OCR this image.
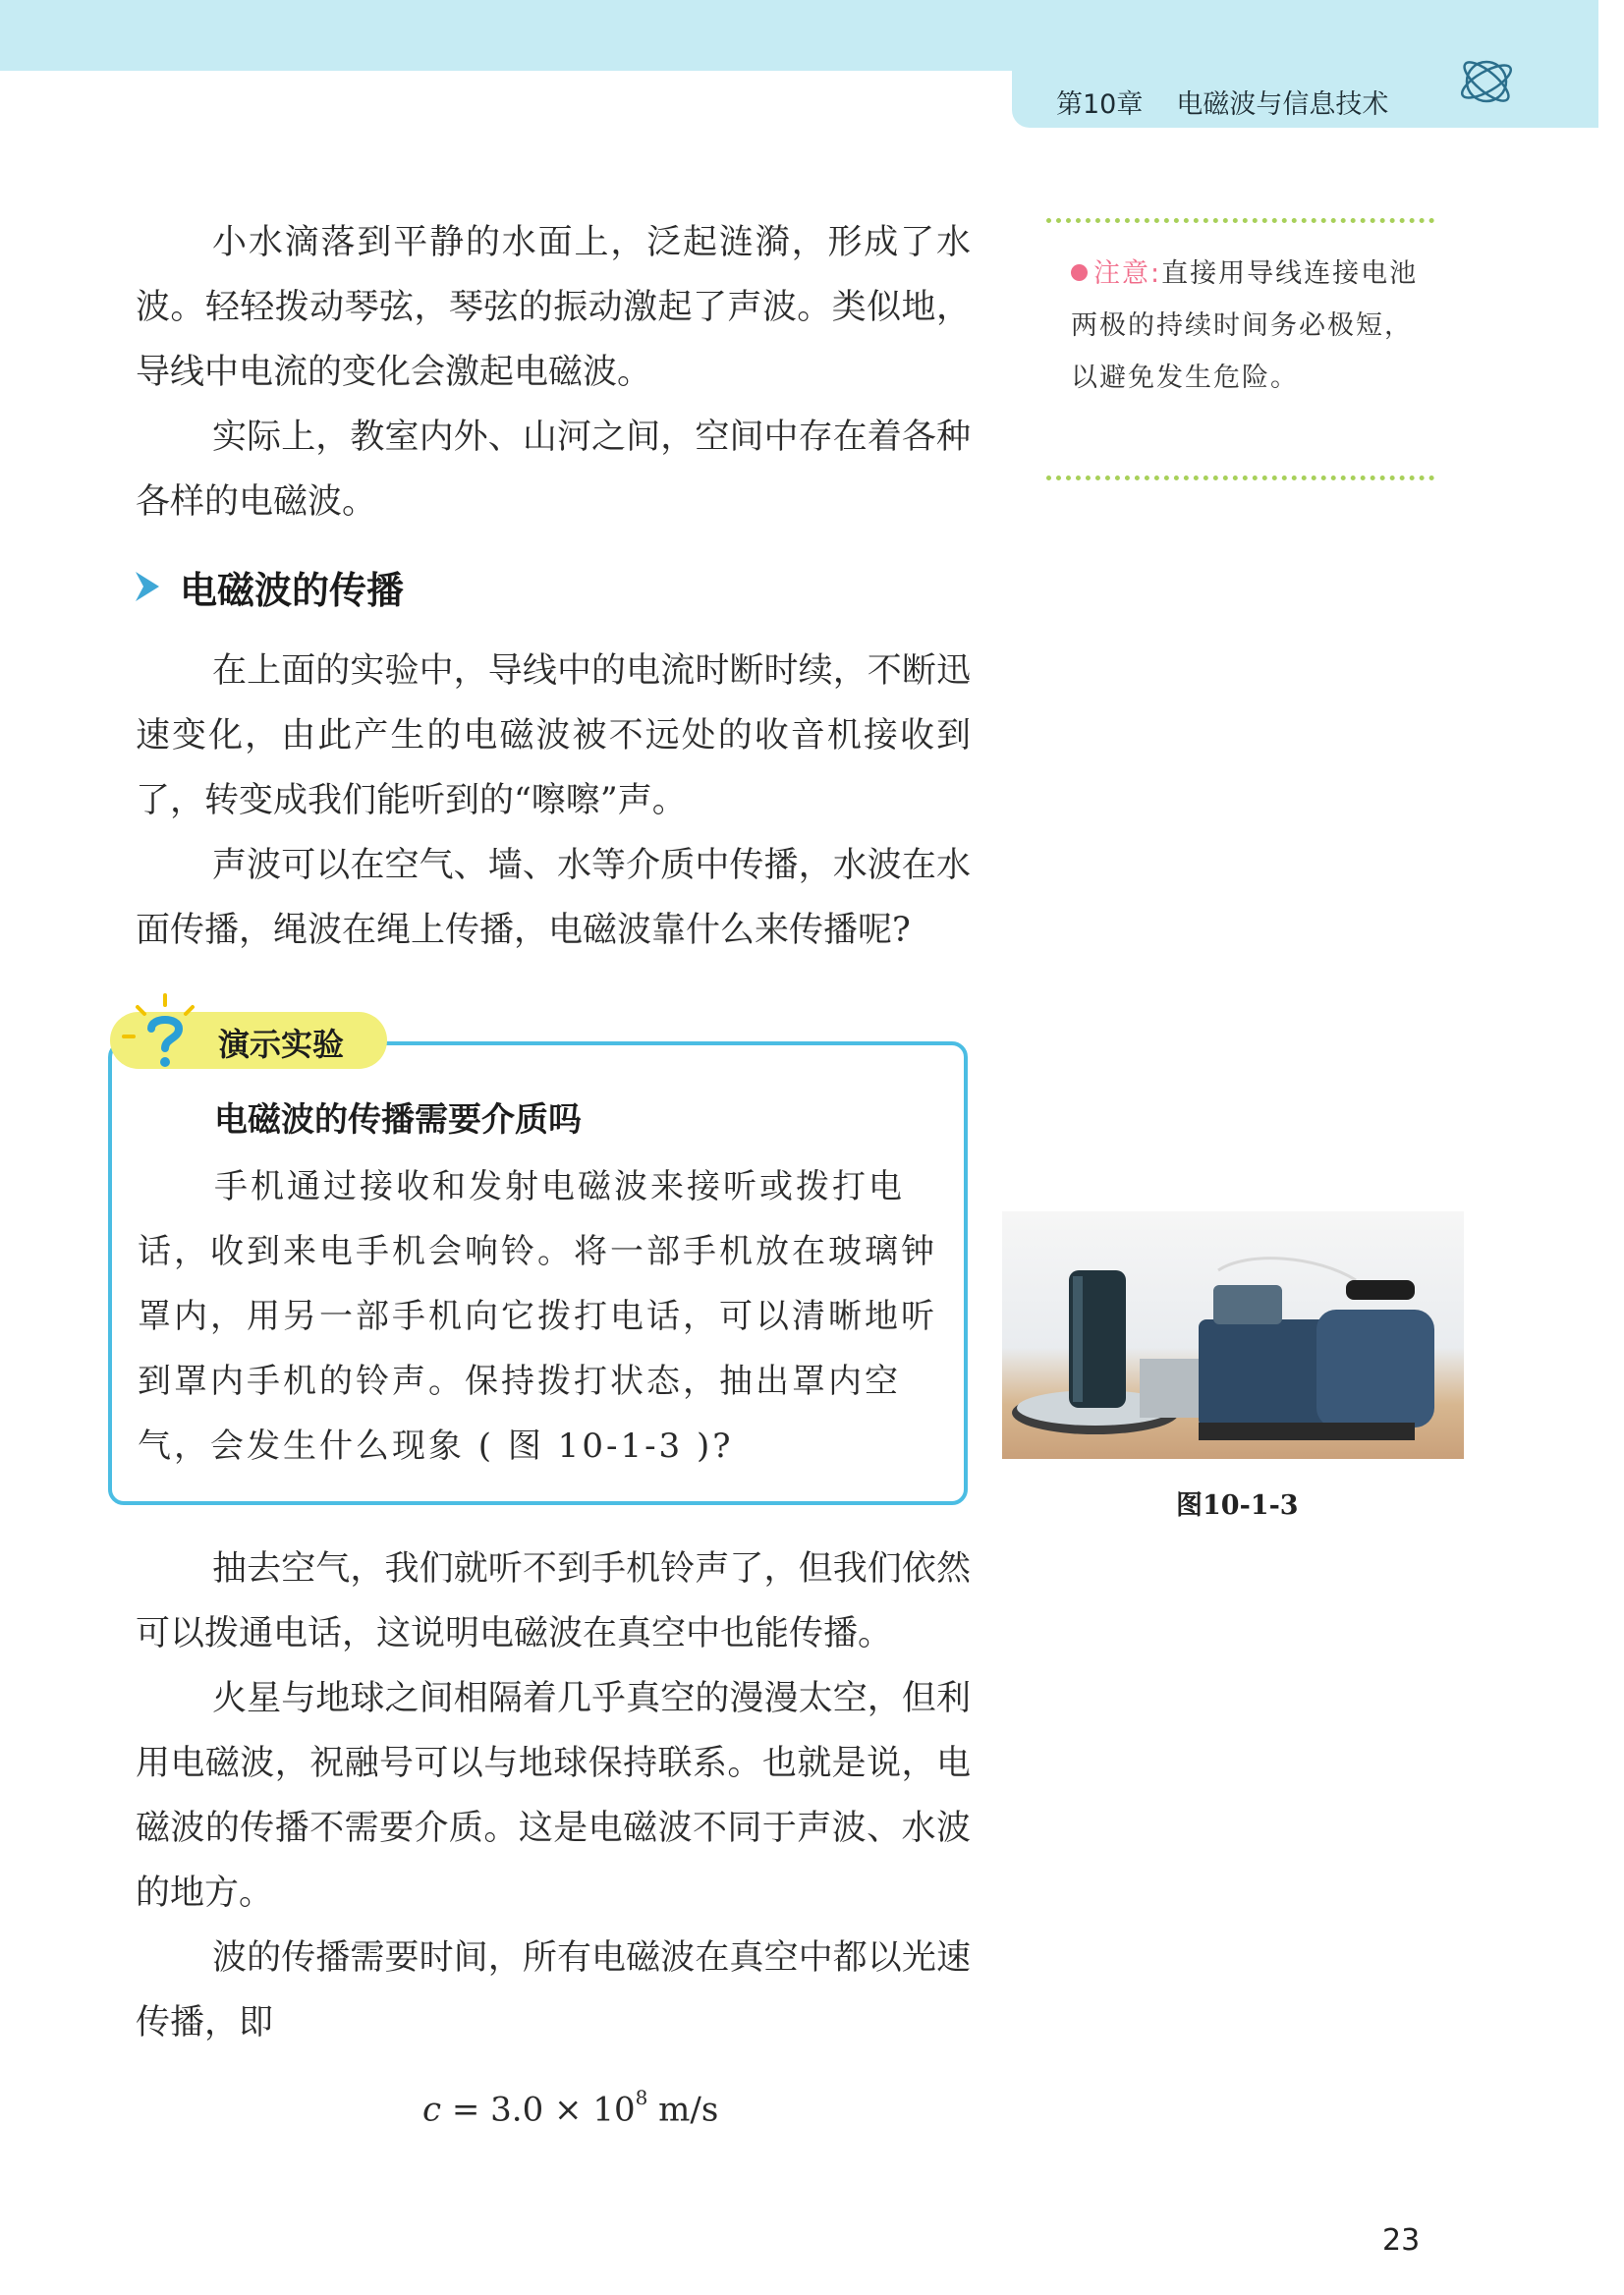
第10章 电磁波与信息技术

小水滴落到平静的水面上，泛起涟漪，形成了水波。轻轻拨动琴弦，琴弦的振动激起了声波。类似地，导线中电流的变化会激起电磁波。

实际上，教室内外、山河之间，空间中存在着各种各样的电磁波。

电磁波的传播

在上面的实验中，导线中的电流时断时续，不断迅速变化，由此产生的电磁波被不远处的收音机接收到了，转变成我们能听到的“嚓嚓”声。

声波可以在空气、墙、水等介质中传播，水波在水面传播，绳波在绳上传播，电磁波靠什么来传播呢?

注意:直接用导线连接电池两极的持续时间务必极短，以避免发生危险。

演示实验
电磁波的传播需要介质吗

手机通过接收和发射电磁波来接听或拨打电话，收到来电手机会响铃。将一部手机放在玻璃钟罩内，用另一部手机向它拨打电话，可以清晰地听到罩内手机的铃声。保持拨打状态，抽出罩内空气，会发生什么现象 ( 图 10-1-3 )?

图10-1-3

抽去空气，我们就听不到手机铃声了，但我们依然可以拨通电话，这说明电磁波在真空中也能传播。

火星与地球之间相隔着几乎真空的漫漫太空，但利用电磁波，祝融号可以与地球保持联系。也就是说，电磁波的传播不需要介质。这是电磁波不同于声波、水波的地方。

波的传播需要时间，所有电磁波在真空中都以光速传播，即

$c = 3.0 \times 10^8$ m/s
23
